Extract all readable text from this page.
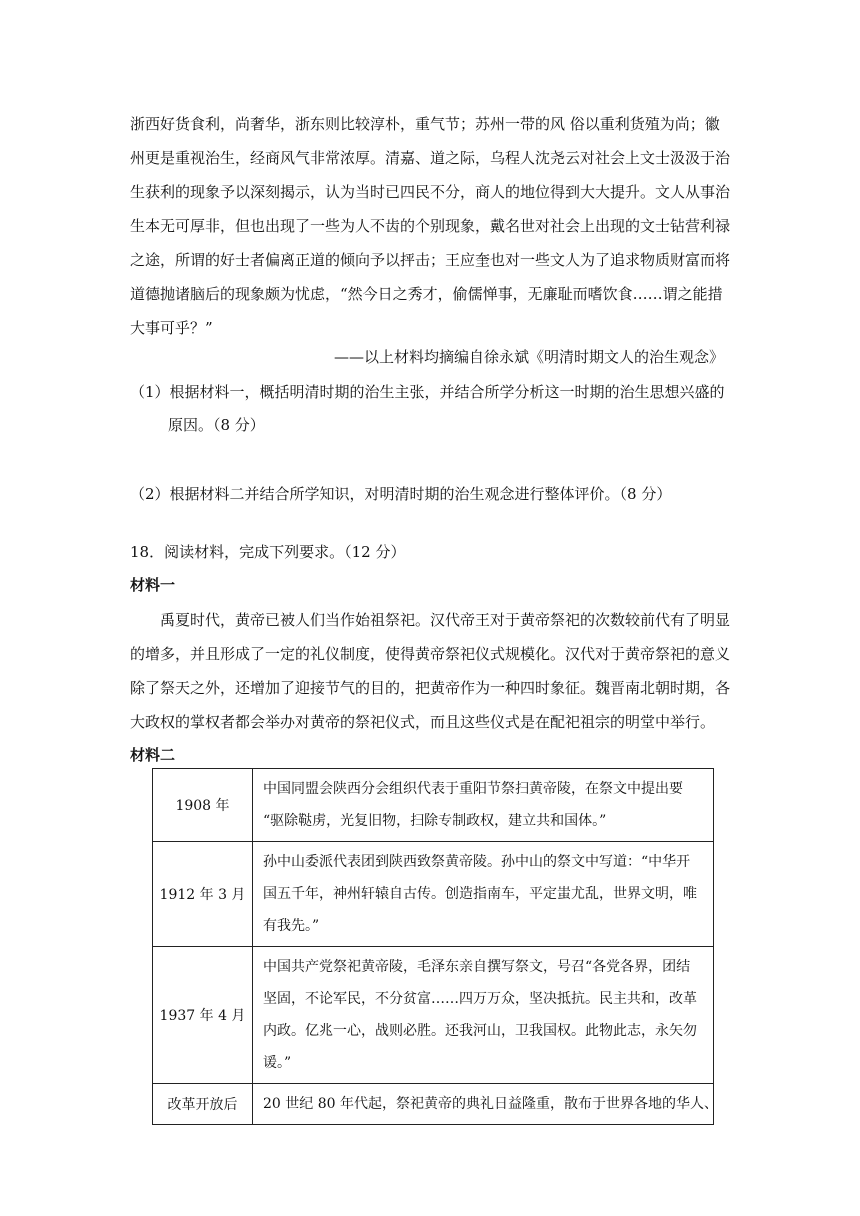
浙西好货食利，尚奢华，浙东则比较淳朴，重气节；苏州一带的风 俗以重利货殖为尚；徽
州更是重视治生，经商风气非常浓厚。清嘉、道之际，乌程人沈尧云对社会上文士汲汲于治
生获利的现象予以深刻揭示，认为当时已四民不分，商人的地位得到大大提升。文人从事治
生本无可厚非，但也出现了一些为人不齿的个别现象，戴名世对社会上出现的文士钻营利禄
之途，所谓的好士者偏离正道的倾向予以抨击；王应奎也对一些文人为了追求物质财富而将
道德抛诸脑后的现象颇为忧虑，“然今日之秀才，偷儒惮事，无廉耻而嗜饮食……谓之能措
大事可乎？”
——以上材料均摘编自徐永斌《明清时期文人的治生观念》
（1）根据材料一，概括明清时期的治生主张，并结合所学分析这一时期的治生思想兴盛的
原因。（8 分）
（2）根据材料二并结合所学知识，对明清时期的治生观念进行整体评价。（8 分）
18．阅读材料，完成下列要求。（12 分）
材料一
禹夏时代，黄帝已被人们当作始祖祭祀。汉代帝王对于黄帝祭祀的次数较前代有了明显
的增多，并且形成了一定的礼仪制度，使得黄帝祭祀仪式规模化。汉代对于黄帝祭祀的意义
除了祭天之外，还增加了迎接节气的目的，把黄帝作为一种四时象征。魏晋南北朝时期，各
大政权的掌权者都会举办对黄帝的祭祀仪式，而且这些仪式是在配祀祖宗的明堂中举行。
材料二
1908 年	中国同盟会陕西分会组织代表于重阳节祭扫黄帝陵，在祭文中提出要
“驱除鞑虏，光复旧物，扫除专制政权，建立共和国体。”

1912 年 3 月	孙中山委派代表团到陕西致祭黄帝陵。孙中山的祭文中写道：“中华开
国五千年，神州轩辕自古传。创造指南车，平定蚩尤乱，世界文明，唯
有我先。”

1937 年 4 月	中国共产党祭祀黄帝陵，毛泽东亲自撰写祭文，号召“各党各界，团结
坚固，不论军民，不分贫富……四万万众，坚决抵抗。民主共和，改革
内政。亿兆一心，战则必胜。还我河山，卫我国权。此物此志，永矢勿
谖。”

改革开放后	20 世纪 80 年代起，祭祀黄帝的典礼日益隆重，散布于世界各地的华人、
